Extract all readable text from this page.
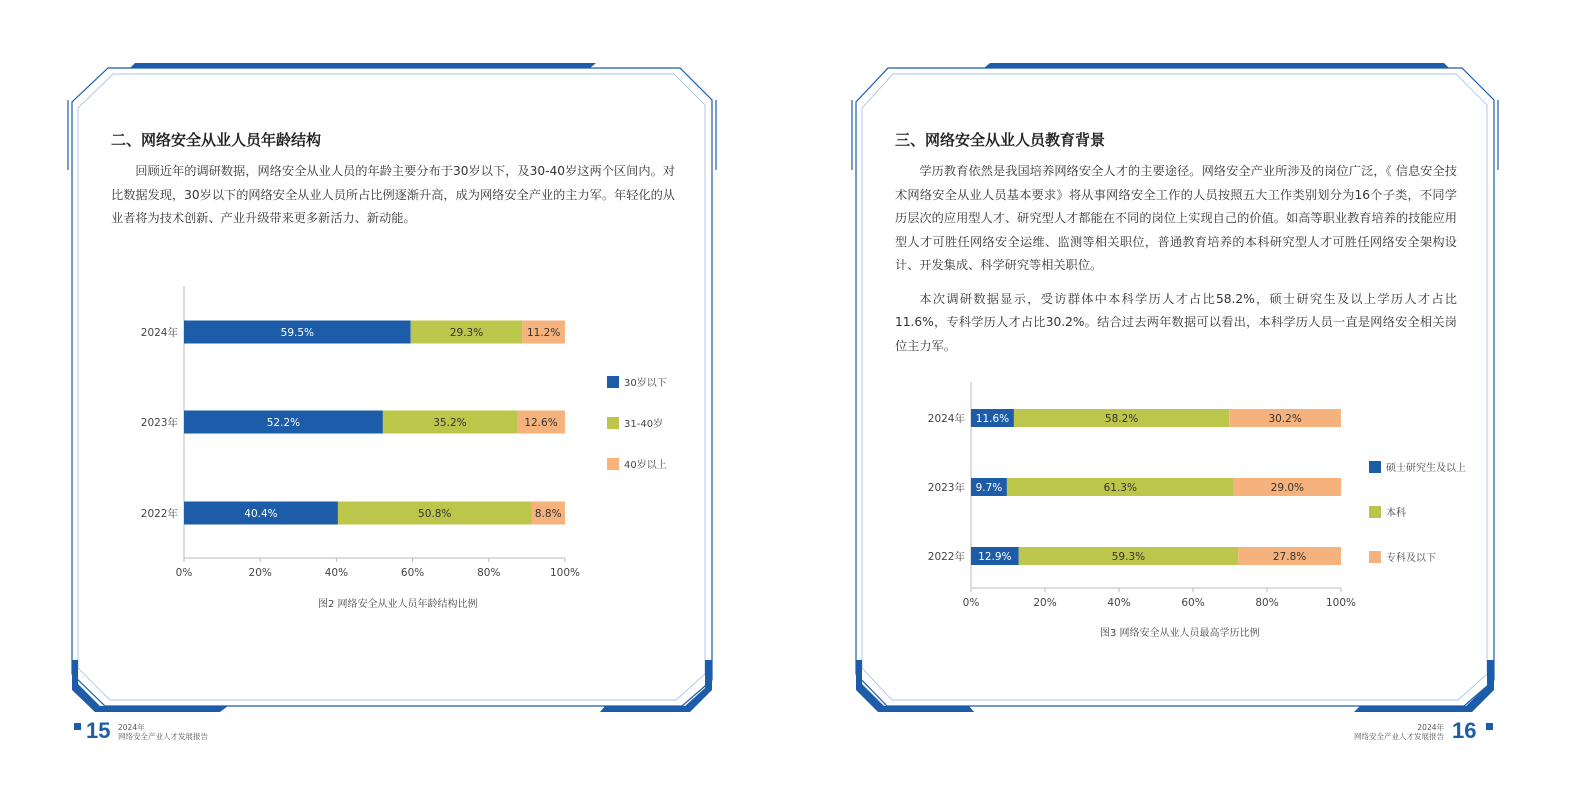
二、网络安全从业人员年龄结构

回顾近年的调研数据，网络安全从业人员的年龄主要分布于30岁以下，及30-40岁这两个区间内。对比数据发现，30岁以下的网络安全从业人员所占比例逐渐升高，成为网络安全产业的主力军。年轻化的从业者将为技术创新、产业升级带来更多新活力、新动能。

0%	20%	40%	60%	80%	100%
2024年	59.5%	29.3%	11.2%
2023年	52.2%	35.2%	12.6%
2022年	40.4%	50.8%	8.8%
30岁以下
31-40岁
40岁以上
图2 网络安全从业人员年龄结构比例
15 2024年
网络安全产业人才发展报告
三、网络安全从业人员教育背景

学历教育依然是我国培养网络安全人才的主要途径。网络安全产业所涉及的岗位广泛，《 信息安全技术网络安全从业人员基本要求》将从事网络安全工作的人员按照五大工作类别划分为16个子类，不同学历层次的应用型人才、研究型人才都能在不同的岗位上实现自己的价值。如高等职业教育培养的技能应用型人才可胜任网络安全运维、监测等相关职位，普通教育培养的本科研究型人才可胜任网络安全架构设计、开发集成、科学研究等相关职位。

本次调研数据显示，受访群体中本科学历人才占比58.2%，硕士研究生及以上学历人才占比11.6%，专科学历人才占比30.2%。结合过去两年数据可以看出，本科学历人员一直是网络安全相关岗位主力军。

0%	20%	40%	60%	80%	100%
2024年 11.6%	58.2%	30.2%
2023年 9.7%	61.3%	29.0%
2022年 12.9%	59.3%	27.8%
硕士研究生及以上
本科
专科及以下
图3 网络安全从业人员最高学历比例
2024年
网络安全产业人才发展报告 16
